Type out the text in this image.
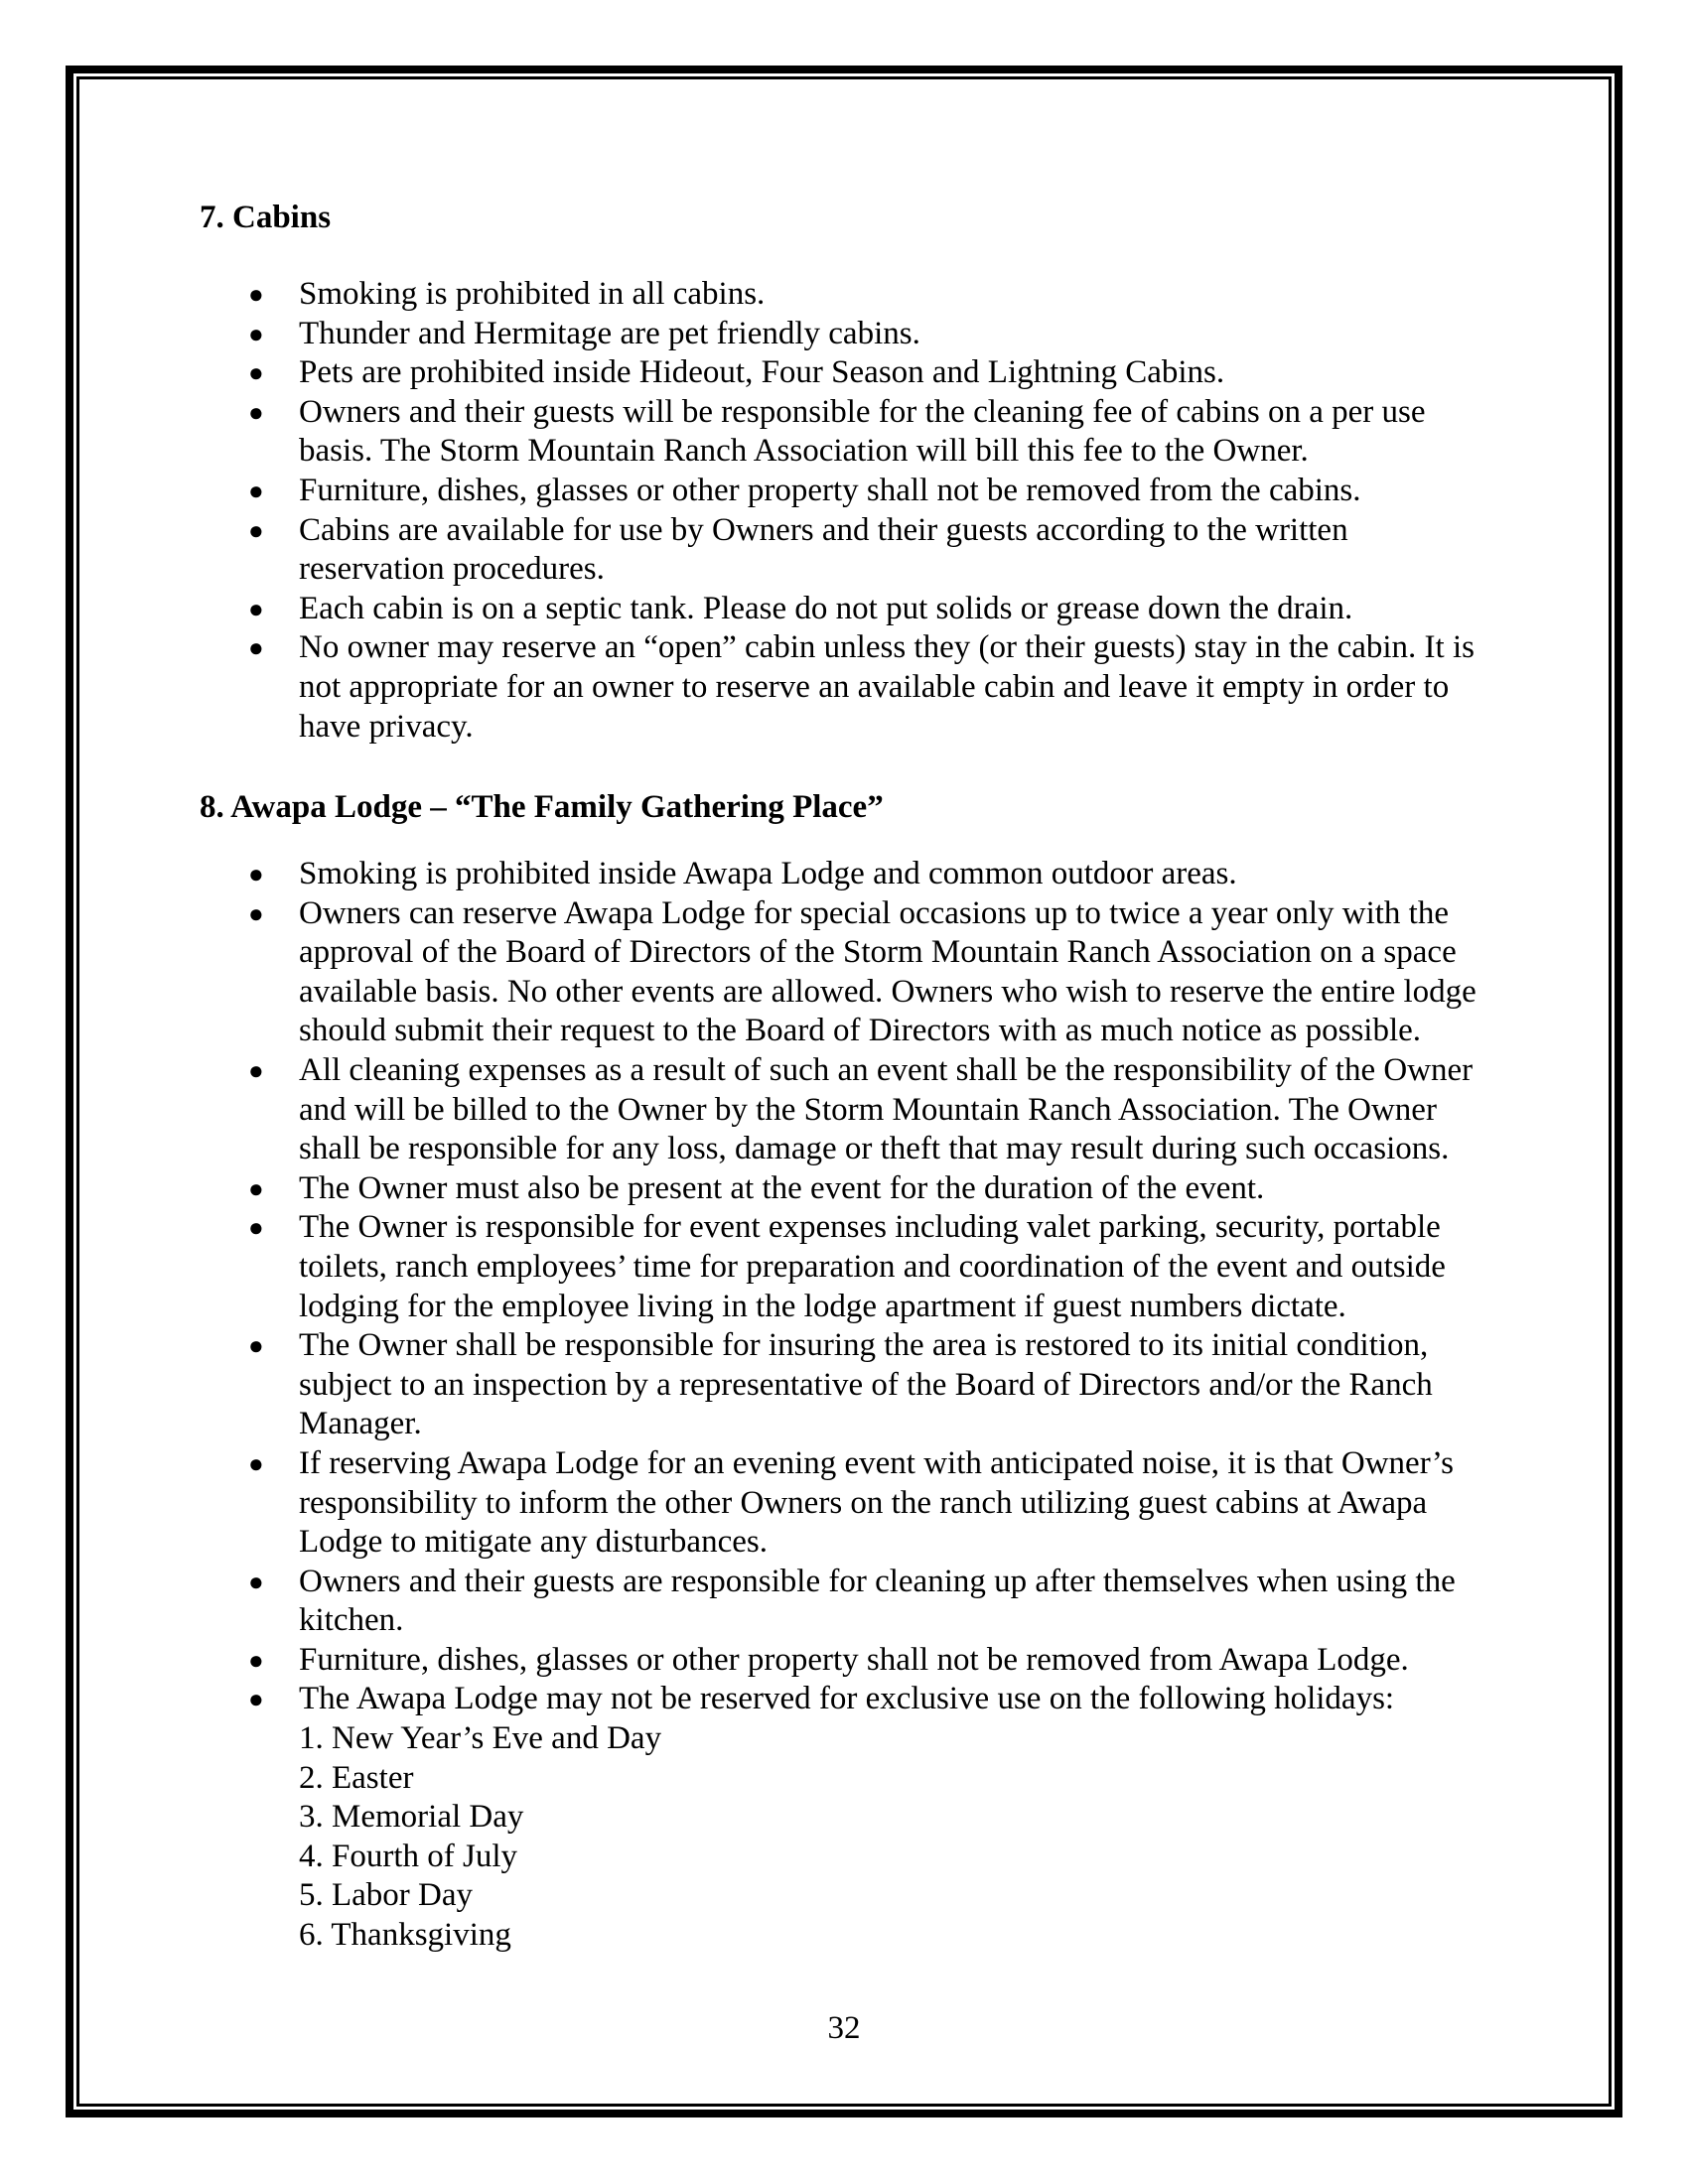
7. Cabins
● Smoking is prohibited in all cabins.
● Thunder and Hermitage are pet friendly cabins.
● Pets are prohibited inside Hideout, Four Season and Lightning Cabins.
● Owners and their guests will be responsible for the cleaning fee of cabins on a per use
basis. The Storm Mountain Ranch Association will bill this fee to the Owner.
● Furniture, dishes, glasses or other property shall not be removed from the cabins.
● Cabins are available for use by Owners and their guests according to the written
reservation procedures.
● Each cabin is on a septic tank. Please do not put solids or grease down the drain.
● No owner may reserve an “open” cabin unless they (or their guests) stay in the cabin. It is
not appropriate for an owner to reserve an available cabin and leave it empty in order to
have privacy.
8. Awapa Lodge – “The Family Gathering Place”
● Smoking is prohibited inside Awapa Lodge and common outdoor areas.
● Owners can reserve Awapa Lodge for special occasions up to twice a year only with the
approval of the Board of Directors of the Storm Mountain Ranch Association on a space
available basis. No other events are allowed. Owners who wish to reserve the entire lodge
should submit their request to the Board of Directors with as much notice as possible.
● All cleaning expenses as a result of such an event shall be the responsibility of the Owner
and will be billed to the Owner by the Storm Mountain Ranch Association. The Owner
shall be responsible for any loss, damage or theft that may result during such occasions.
● The Owner must also be present at the event for the duration of the event.
● The Owner is responsible for event expenses including valet parking, security, portable
toilets, ranch employees’ time for preparation and coordination of the event and outside
lodging for the employee living in the lodge apartment if guest numbers dictate.
● The Owner shall be responsible for insuring the area is restored to its initial condition,
subject to an inspection by a representative of the Board of Directors and/or the Ranch
Manager.
● If reserving Awapa Lodge for an evening event with anticipated noise, it is that Owner’s
responsibility to inform the other Owners on the ranch utilizing guest cabins at Awapa
Lodge to mitigate any disturbances.
● Owners and their guests are responsible for cleaning up after themselves when using the
kitchen.
● Furniture, dishes, glasses or other property shall not be removed from Awapa Lodge.
● The Awapa Lodge may not be reserved for exclusive use on the following holidays:
1. New Year’s Eve and Day
2. Easter
3. Memorial Day
4. Fourth of July
5. Labor Day
6. Thanksgiving
32
